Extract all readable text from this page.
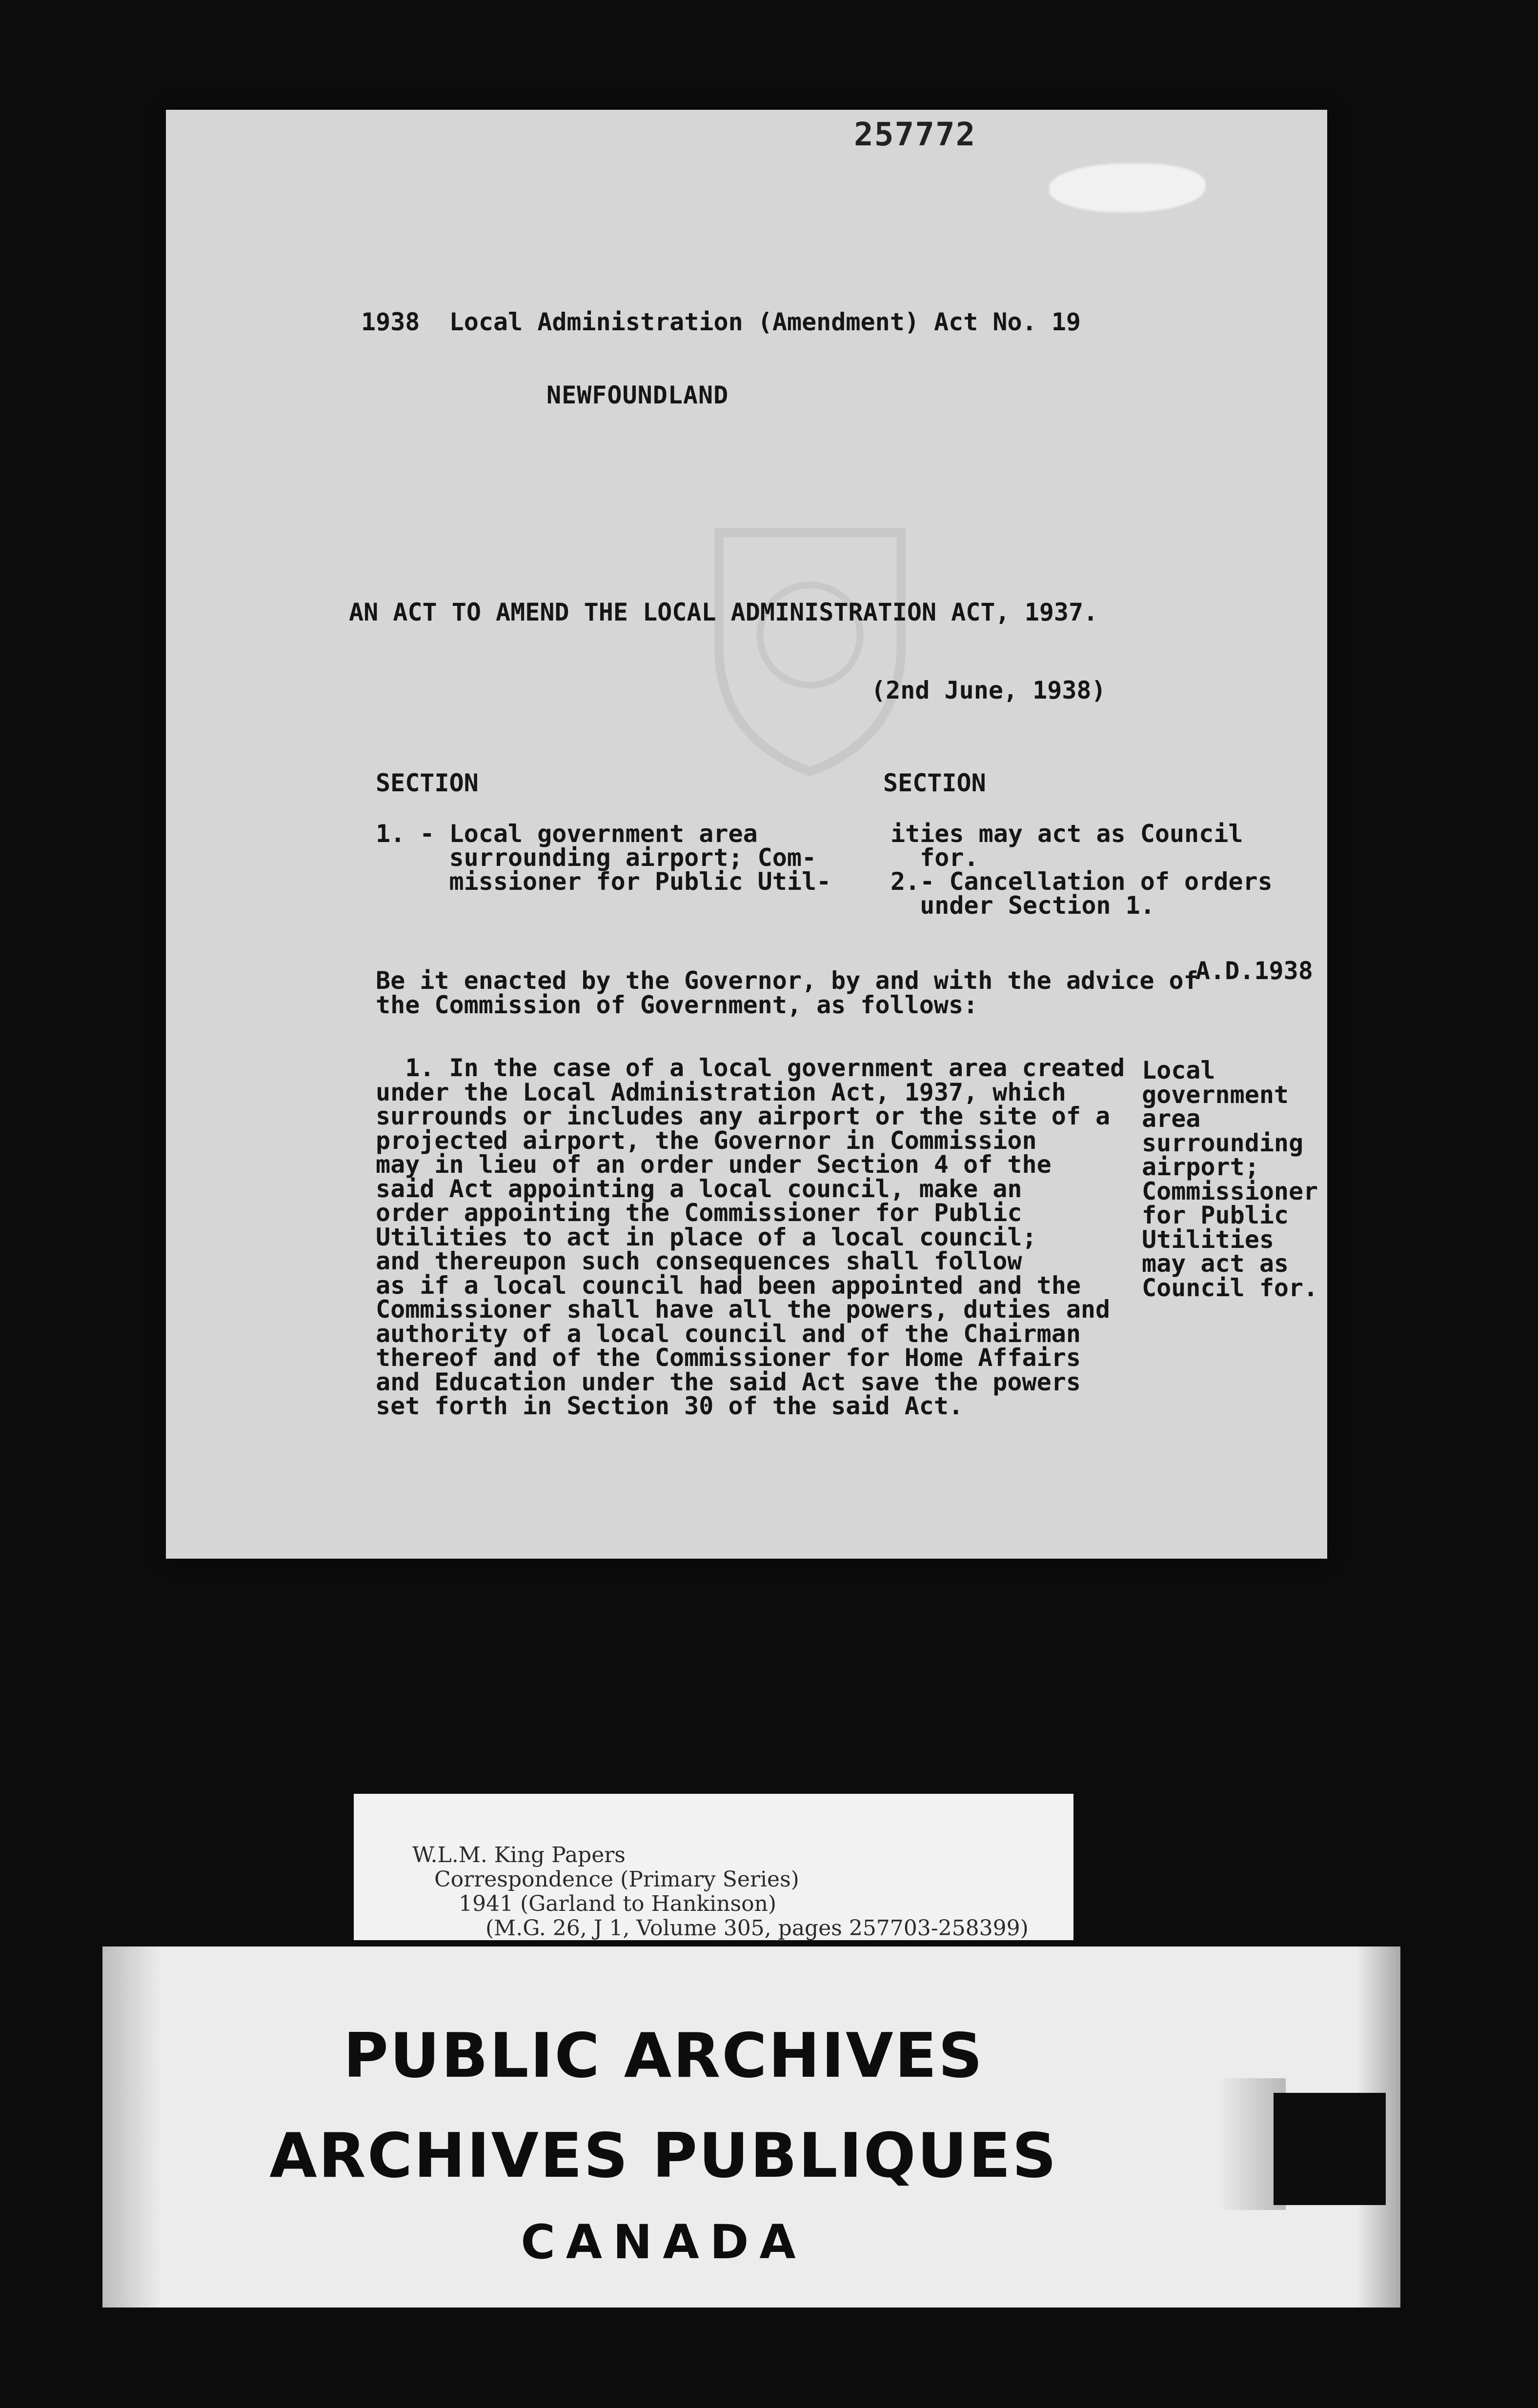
257772
1938  Local Administration (Amendment) Act No. 19
NEWFOUNDLAND
AN ACT TO AMEND THE LOCAL ADMINISTRATION ACT, 1937.
(2nd June, 1938)
SECTION	SECTION
1. - Local government area
surrounding airport; Com-
missioner for Public Util-
ities may act as Council
for.
2.- Cancellation of orders
under Section 1.
Be it enacted by the Governor, by and with the advice of
the Commission of Government, as follows:
A.D.1938
1. In the case of a local government area created
under the Local Administration Act, 1937, which
surrounds or includes any airport or the site of a
projected airport, the Governor in Commission
may in lieu of an order under Section 4 of the
said Act appointing a local council, make an
order appointing the Commissioner for Public
Utilities to act in place of a local council;
and thereupon such consequences shall follow
as if a local council had been appointed and the
Commissioner shall have all the powers, duties and
authority of a local council and of the Chairman
thereof and of the Commissioner for Home Affairs
and Education under the said Act save the powers
set forth in Section 30 of the said Act.
Local
government
area
surrounding
airport;
Commissioner
for Public
Utilities
may act as
Council for.
W.L.M. King Papers
Correspondence (Primary Series)
1941 (Garland to Hankinson)
(M.G. 26, J 1, Volume 305, pages 257703-258399)
PUBLIC ARCHIVES
ARCHIVES PUBLIQUES
CANADA
